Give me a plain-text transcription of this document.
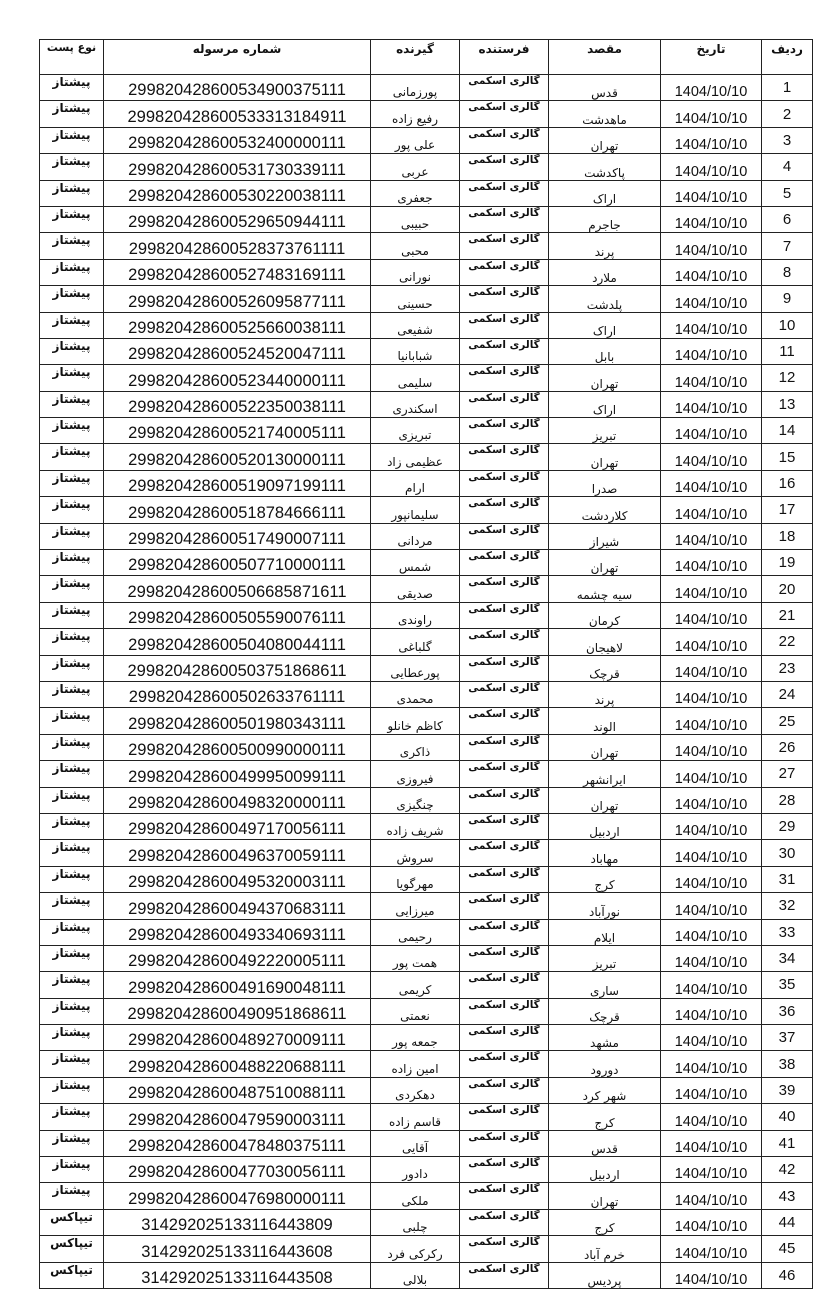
نوع پست	شماره مرسوله	گیرنده	فرستنده	مقصد	تاریخ	ردیف
پیشتاز	299820428600534900375111	پورزمانی	گالری اسکمی	قدس	1404/10/10	1
پیشتاز	299820428600533313184911	رفیع زاده	گالری اسکمی	ماهدشت	1404/10/10	2
پیشتاز	299820428600532400000111	علی پور	گالری اسکمی	تهران	1404/10/10	3
پیشتاز	299820428600531730339111	عربی	گالری اسکمی	پاکدشت	1404/10/10	4
پیشتاز	299820428600530220038111	جعفری	گالری اسکمی	اراک	1404/10/10	5
پیشتاز	299820428600529650944111	حبیبی	گالری اسکمی	جاجرم	1404/10/10	6
پیشتاز	299820428600528373761111	محبی	گالری اسکمی	پرند	1404/10/10	7
پیشتاز	299820428600527483169111	نورانی	گالری اسکمی	ملارد	1404/10/10	8
پیشتاز	299820428600526095877111	حسینی	گالری اسکمی	پلدشت	1404/10/10	9
پیشتاز	299820428600525660038111	شفیعی	گالری اسکمی	اراک	1404/10/10	10
پیشتاز	299820428600524520047111	شبابانیا	گالری اسکمی	بابل	1404/10/10	11
پیشتاز	299820428600523440000111	سلیمی	گالری اسکمی	تهران	1404/10/10	12
پیشتاز	299820428600522350038111	اسکندری	گالری اسکمی	اراک	1404/10/10	13
پیشتاز	299820428600521740005111	تبریزی	گالری اسکمی	تبریز	1404/10/10	14
پیشتاز	299820428600520130000111	عظیمی زاد	گالری اسکمی	تهران	1404/10/10	15
پیشتاز	299820428600519097199111	ارام	گالری اسکمی	صدرا	1404/10/10	16
پیشتاز	299820428600518784666111	سلیمانپور	گالری اسکمی	کلاردشت	1404/10/10	17
پیشتاز	299820428600517490007111	مردانی	گالری اسکمی	شیراز	1404/10/10	18
پیشتاز	299820428600507710000111	شمس	گالری اسکمی	تهران	1404/10/10	19
پیشتاز	299820428600506685871611	صدیقی	گالری اسکمی	سیه چشمه	1404/10/10	20
پیشتاز	299820428600505590076111	راوندی	گالری اسکمی	کرمان	1404/10/10	21
پیشتاز	299820428600504080044111	گلباغی	گالری اسکمی	لاهیجان	1404/10/10	22
پیشتاز	299820428600503751868611	پورعطایی	گالری اسکمی	قرچک	1404/10/10	23
پیشتاز	299820428600502633761111	محمدی	گالری اسکمی	پرند	1404/10/10	24
پیشتاز	299820428600501980343111	کاظم خانلو	گالری اسکمی	الوند	1404/10/10	25
پیشتاز	299820428600500990000111	ذاکری	گالری اسکمی	تهران	1404/10/10	26
پیشتاز	299820428600499950099111	فیروزی	گالری اسکمی	ایرانشهر	1404/10/10	27
پیشتاز	299820428600498320000111	چنگیزی	گالری اسکمی	تهران	1404/10/10	28
پیشتاز	299820428600497170056111	شریف زاده	گالری اسکمی	اردبیل	1404/10/10	29
پیشتاز	299820428600496370059111	سروش	گالری اسکمی	مهاباد	1404/10/10	30
پیشتاز	299820428600495320003111	مهرگویا	گالری اسکمی	کرج	1404/10/10	31
پیشتاز	299820428600494370683111	میرزایی	گالری اسکمی	نورآباد	1404/10/10	32
پیشتاز	299820428600493340693111	رحیمی	گالری اسکمی	ایلام	1404/10/10	33
پیشتاز	299820428600492220005111	همت پور	گالری اسکمی	تبریز	1404/10/10	34
پیشتاز	299820428600491690048111	کریمی	گالری اسکمی	ساری	1404/10/10	35
پیشتاز	299820428600490951868611	نعمتی	گالری اسکمی	قرچک	1404/10/10	36
پیشتاز	299820428600489270009111	جمعه پور	گالری اسکمی	مشهد	1404/10/10	37
پیشتاز	299820428600488220688111	امین زاده	گالری اسکمی	دورود	1404/10/10	38
پیشتاز	299820428600487510088111	دهکردی	گالری اسکمی	شهر کرد	1404/10/10	39
پیشتاز	299820428600479590003111	قاسم زاده	گالری اسکمی	کرج	1404/10/10	40
پیشتاز	299820428600478480375111	آقایی	گالری اسکمی	قدس	1404/10/10	41
پیشتاز	299820428600477030056111	دادور	گالری اسکمی	اردبیل	1404/10/10	42
پیشتاز	299820428600476980000111	ملکی	گالری اسکمی	تهران	1404/10/10	43
تیپاکس	314292025133116443809	چلبی	گالری اسکمی	کرج	1404/10/10	44
تیپاکس	314292025133116443608	رکرکی فرد	گالری اسکمی	خرم آباد	1404/10/10	45
تیپاکس	314292025133116443508	بلالی	گالری اسکمی	پردیس	1404/10/10	46
